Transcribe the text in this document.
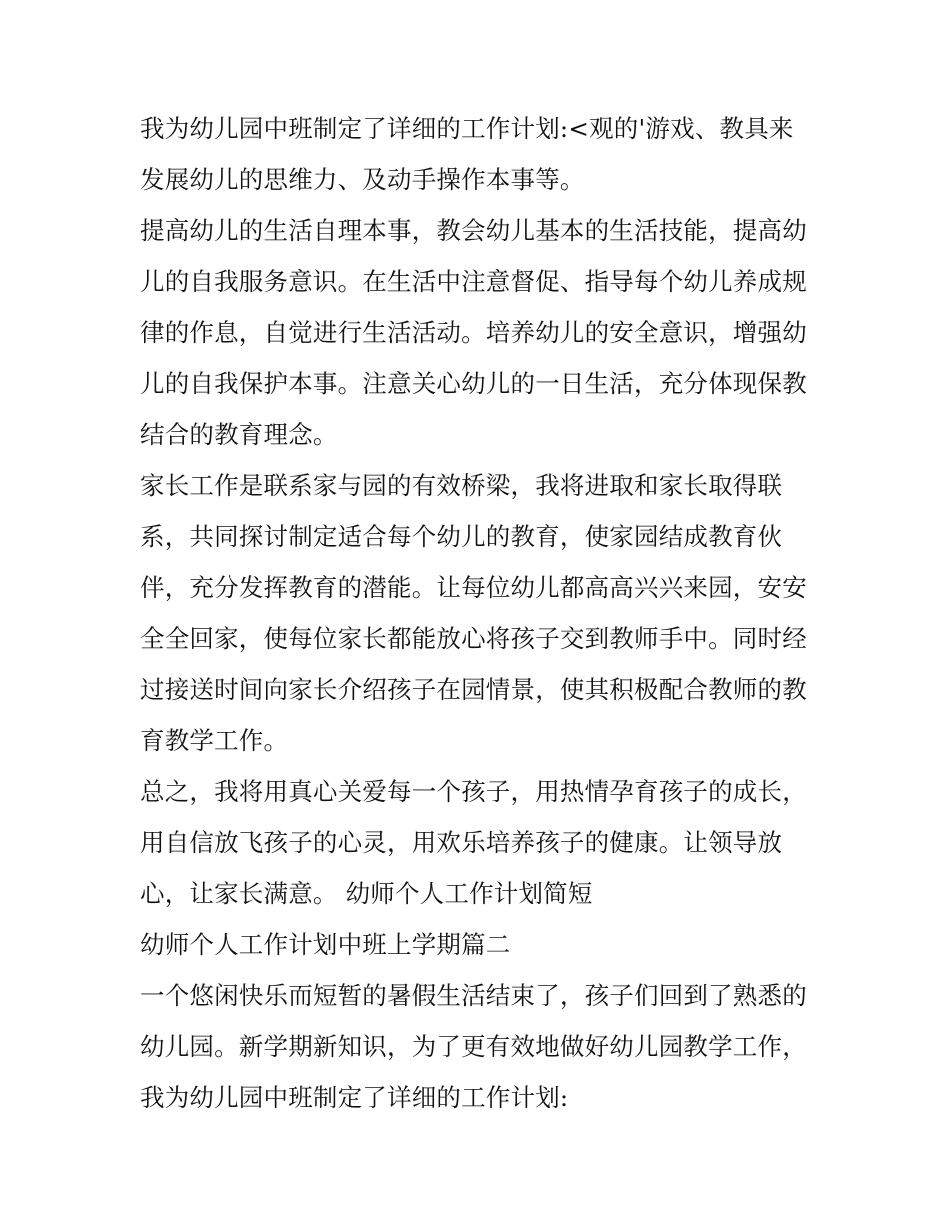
我为幼儿园中班制定了详细的工作计划:<观的'游戏、教具来
发展幼儿的思维力、及动手操作本事等。
提高幼儿的生活自理本事，教会幼儿基本的生活技能，提高幼
儿的自我服务意识。在生活中注意督促、指导每个幼儿养成规
律的作息，自觉进行生活活动。培养幼儿的安全意识，增强幼
儿的自我保护本事。注意关心幼儿的一日生活，充分体现保教
结合的教育理念。
家长工作是联系家与园的有效桥梁，我将进取和家长取得联
系，共同探讨制定适合每个幼儿的教育，使家园结成教育伙
伴，充分发挥教育的潜能。让每位幼儿都高高兴兴来园，安安
全全回家，使每位家长都能放心将孩子交到教师手中。同时经
过接送时间向家长介绍孩子在园情景，使其积极配合教师的教
育教学工作。
总之，我将用真心关爱每一个孩子，用热情孕育孩子的成长，
用自信放飞孩子的心灵，用欢乐培养孩子的健康。让领导放
心，让家长满意。 幼师个人工作计划简短
幼师个人工作计划中班上学期篇二
一个悠闲快乐而短暂的暑假生活结束了，孩子们回到了熟悉的
幼儿园。新学期新知识，为了更有效地做好幼儿园教学工作，
我为幼儿园中班制定了详细的工作计划:
